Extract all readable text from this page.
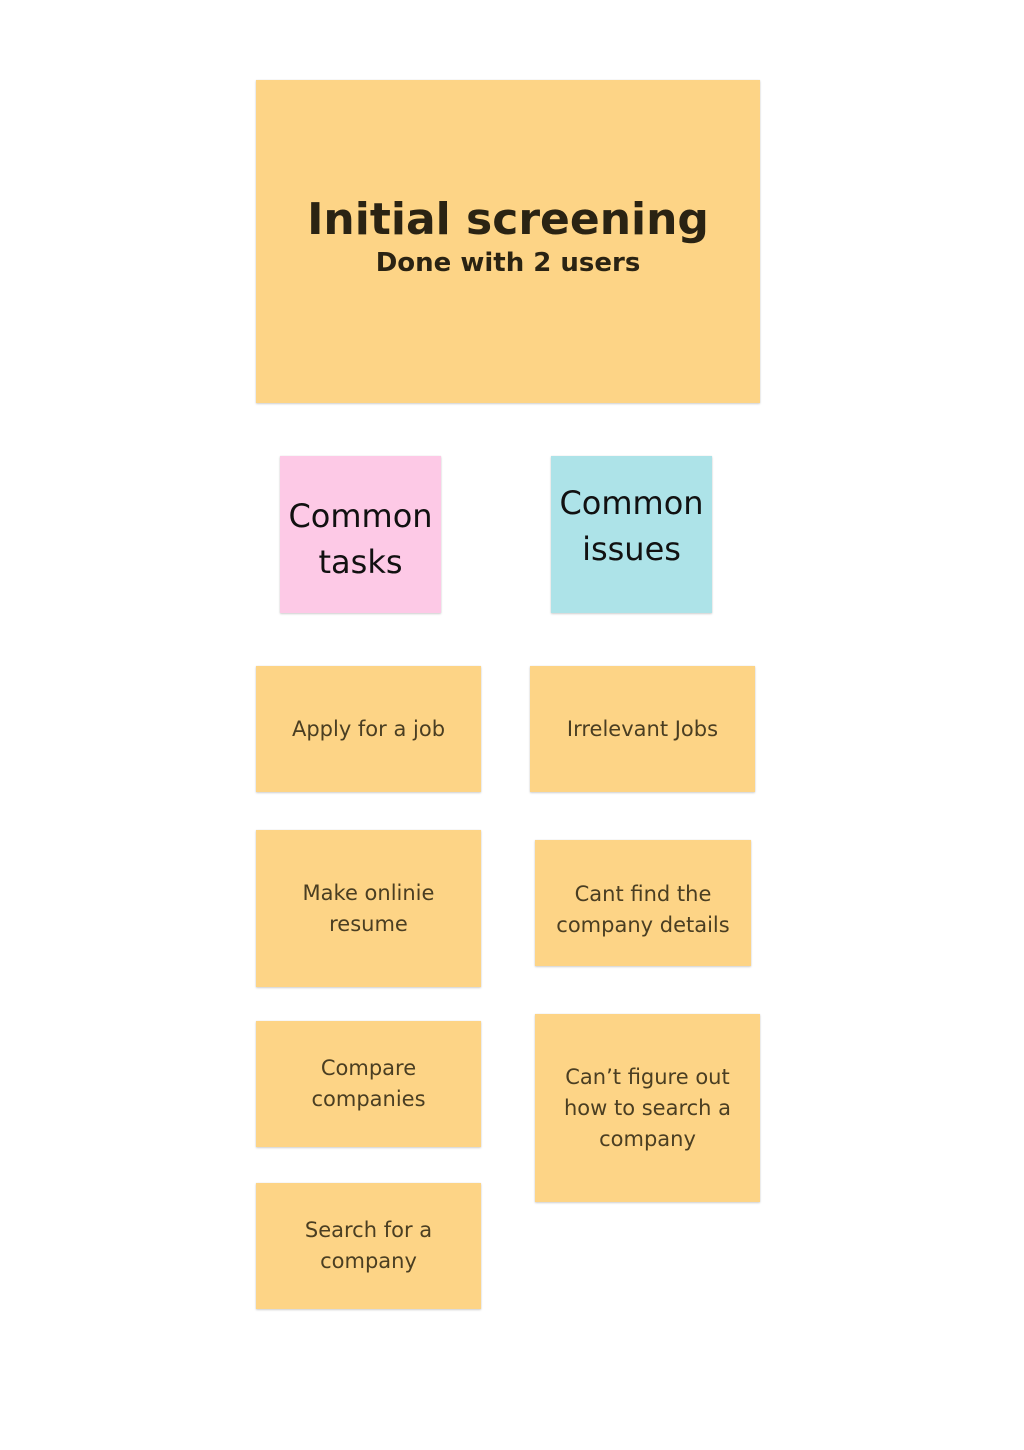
Initial screening
Done with 2 users
Common tasks
Common issues
Apply for a job
Make onlinie resume
Compare companies
Search for a company
Irrelevant Jobs
Cant find the company details
Can’t figure out how to search a company
